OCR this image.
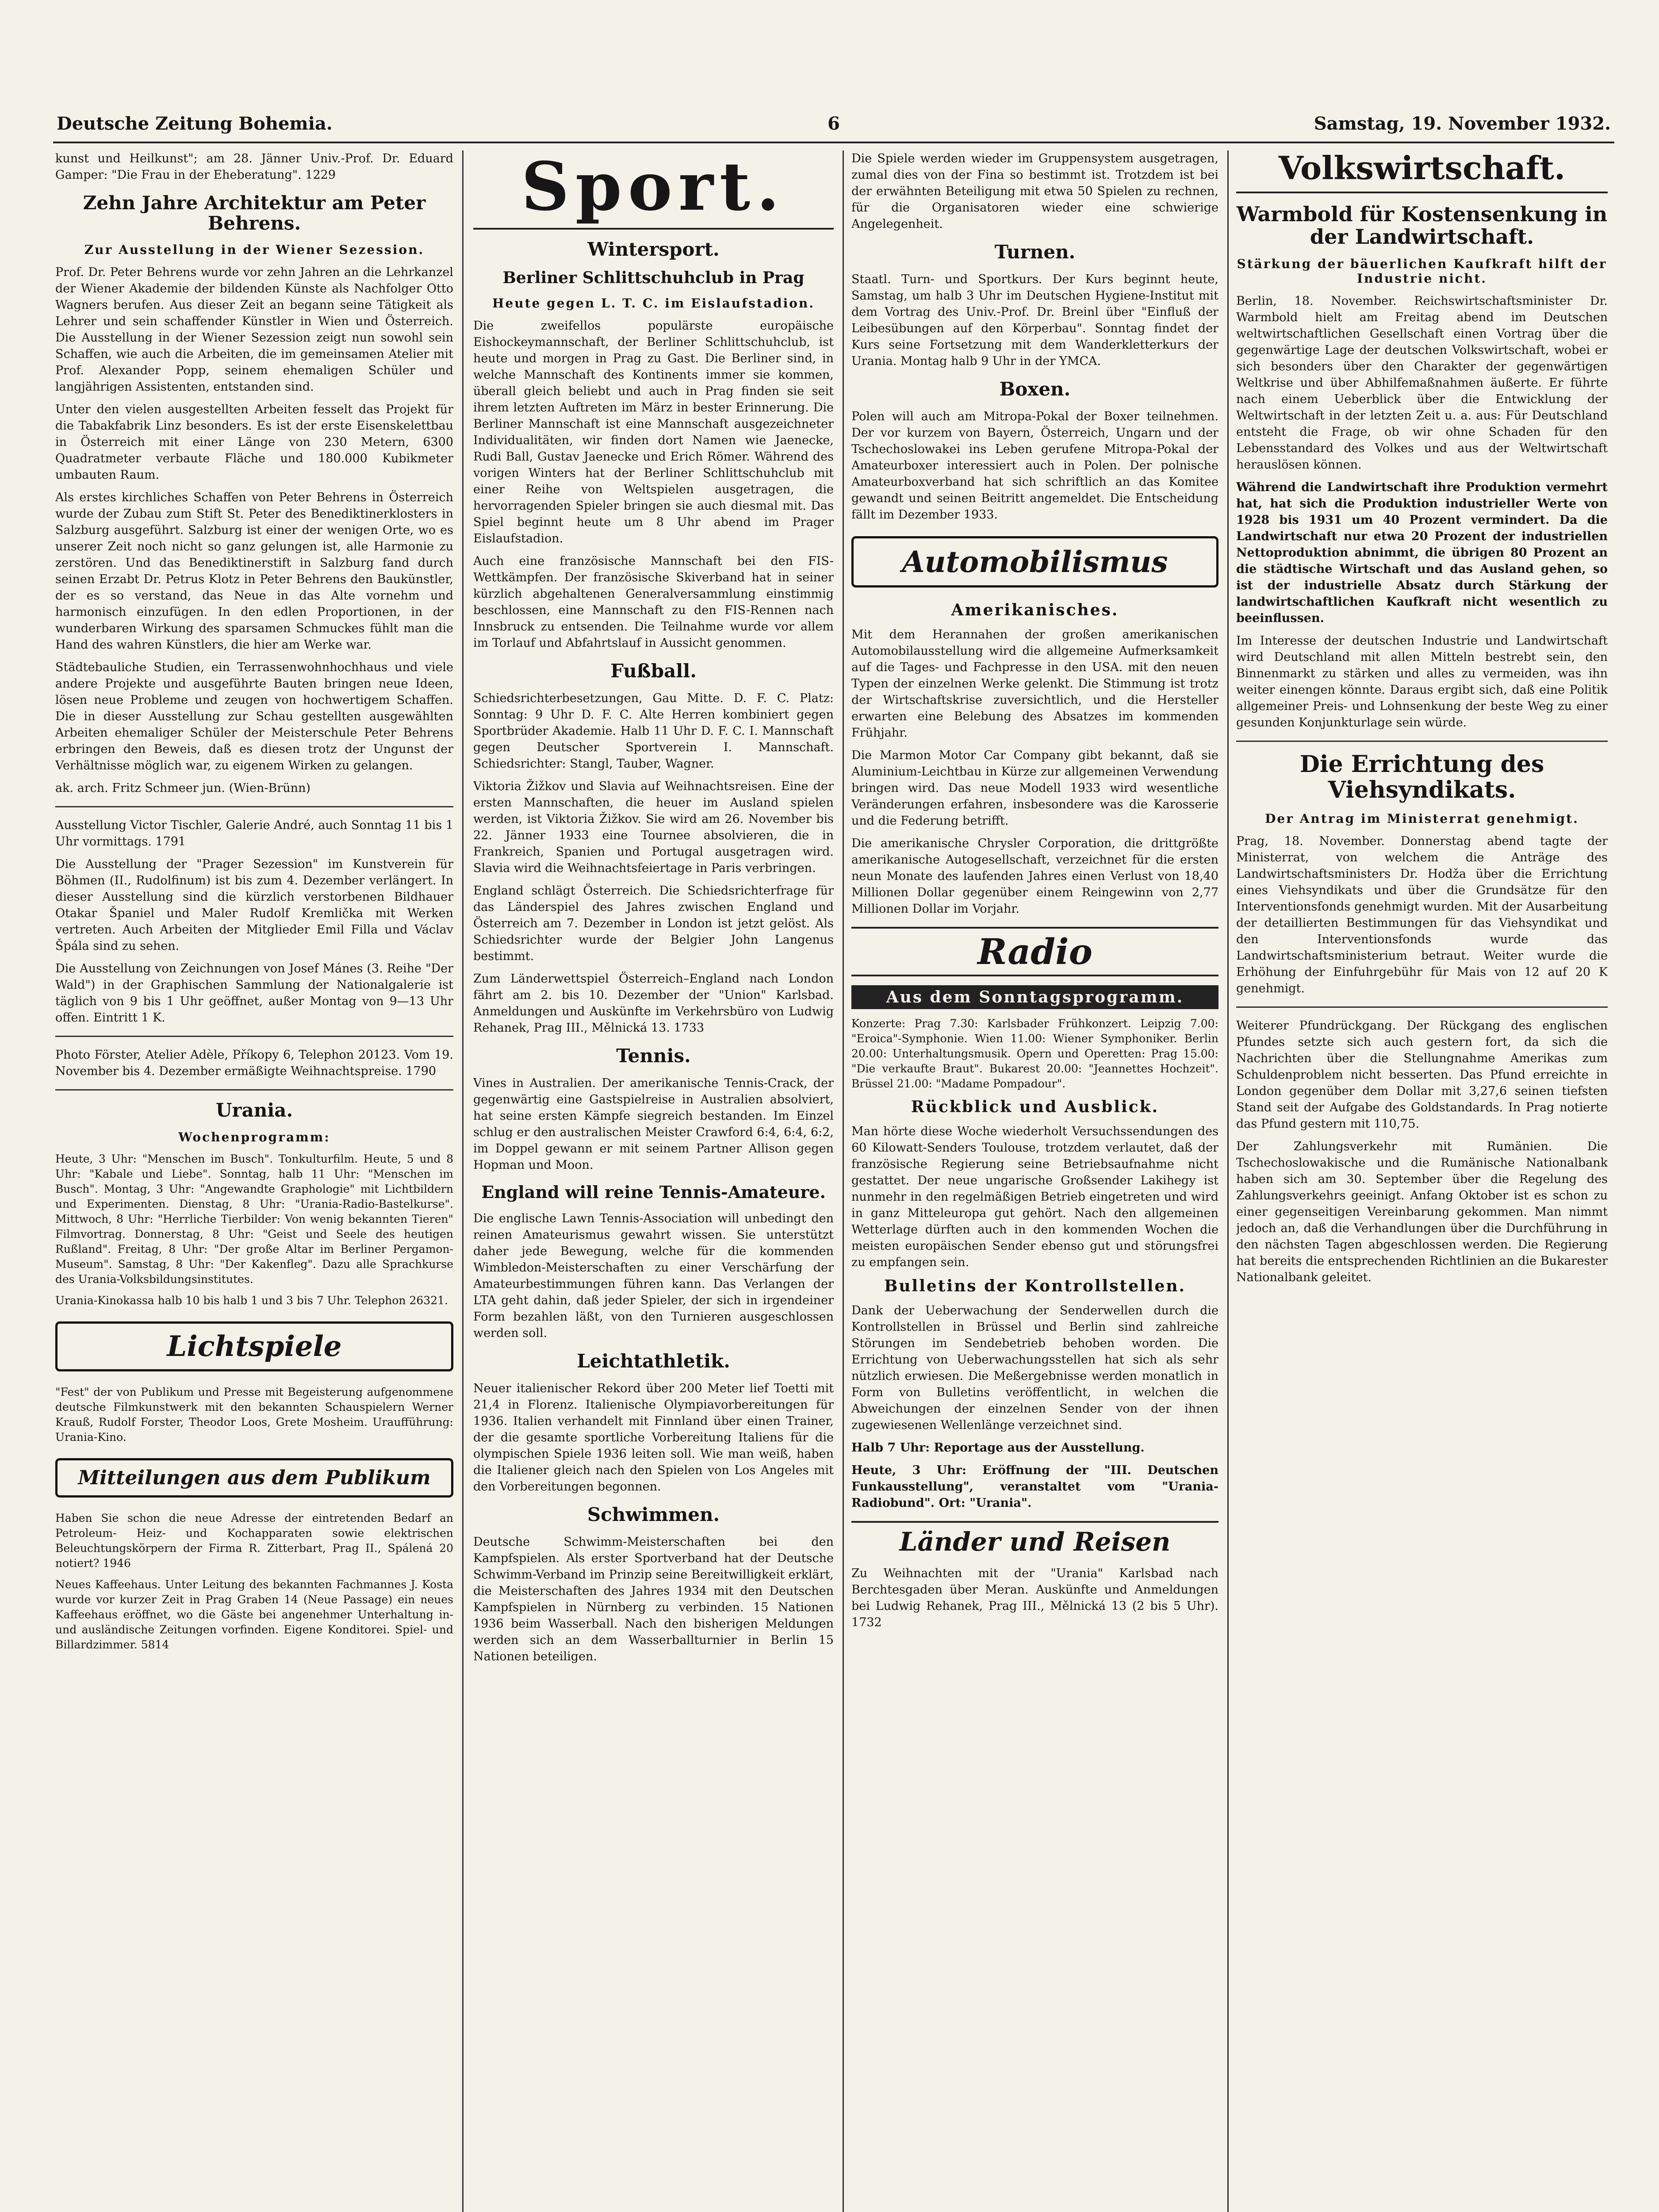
Deutsche Zeitung Bohemia.	6	Samstag, 19. November 1932.

kunst und Heilkunst"; am 28. Jänner Univ.-Prof. Dr. Eduard Gamper: "Die Frau in der Eheberatung". 1229

Zehn Jahre Architektur am Peter Behrens.
Zur Ausstellung in der Wiener Sezession.

Prof. Dr. Peter Behrens wurde vor zehn Jahren an die Lehrkanzel der Wiener Akademie der bildenden Künste als Nachfolger Otto Wagners berufen. Aus dieser Zeit an begann seine Tätigkeit als Lehrer und sein schaffender Künstler in Wien und Österreich. Die Ausstellung in der Wiener Sezession zeigt nun sowohl sein Schaffen, wie auch die Arbeiten, die im gemeinsamen Atelier mit Prof. Alexander Popp, seinem ehemaligen Schüler und langjährigen Assistenten, entstanden sind.

Unter den vielen ausgestellten Arbeiten fesselt das Projekt für die Tabakfabrik Linz besonders. Es ist der erste Eisenskelettbau in Österreich mit einer Länge von 230 Metern, 6300 Quadratmeter verbaute Fläche und 180.000 Kubikmeter umbauten Raum.

Als erstes kirchliches Schaffen von Peter Behrens in Österreich wurde der Zubau zum Stift St. Peter des Benediktinerklosters in Salzburg ausgeführt. Salzburg ist einer der wenigen Orte, wo es unserer Zeit noch nicht so ganz gelungen ist, alle Harmonie zu zerstören. Und das Benediktinerstift in Salzburg fand durch seinen Erzabt Dr. Petrus Klotz in Peter Behrens den Baukünstler, der es so verstand, das Neue in das Alte vornehm und harmonisch einzufügen. In den edlen Proportionen, in der wunderbaren Wirkung des sparsamen Schmuckes fühlt man die Hand des wahren Künstlers, die hier am Werke war.

Städtebauliche Studien, ein Terrassenwohnhochhaus und viele andere Projekte und ausgeführte Bauten bringen neue Ideen, lösen neue Probleme und zeugen von hochwertigem Schaffen. Die in dieser Ausstellung zur Schau gestellten ausgewählten Arbeiten ehemaliger Schüler der Meisterschule Peter Behrens erbringen den Beweis, daß es diesen trotz der Ungunst der Verhältnisse möglich war, zu eigenem Wirken zu gelangen.

ak. arch. Fritz Schmeer jun. (Wien-Brünn)

Ausstellung Victor Tischler, Galerie André, auch Sonntag 11 bis 1 Uhr vormittags. 1791

Die Ausstellung der "Prager Sezession" im Kunstverein für Böhmen (II., Rudolfinum) ist bis zum 4. Dezember verlängert. In dieser Ausstellung sind die kürzlich verstorbenen Bildhauer Otakar Španiel und Maler Rudolf Kremlička mit Werken vertreten. Auch Arbeiten der Mitglieder Emil Filla und Václav Špála sind zu sehen.

Die Ausstellung von Zeichnungen von Josef Mánes (3. Reihe "Der Wald") in der Graphischen Sammlung der Nationalgalerie ist täglich von 9 bis 1 Uhr geöffnet, außer Montag von 9—13 Uhr offen. Eintritt 1 K.

Photo Förster, Atelier Adèle, Příkopy 6, Telephon 20123. Vom 19. November bis 4. Dezember ermäßigte Weihnachtspreise. 1790

Urania.
Wochenprogramm:

Heute, 3 Uhr: "Menschen im Busch". Tonkulturfilm. Heute, 5 und 8 Uhr: "Kabale und Liebe". Sonntag, halb 11 Uhr: "Menschen im Busch". Montag, 3 Uhr: "Angewandte Graphologie" mit Lichtbildern und Experimenten. Dienstag, 8 Uhr: "Urania-Radio-Bastelkurse". Mittwoch, 8 Uhr: "Herrliche Tierbilder: Von wenig bekannten Tieren" Filmvortrag. Donnerstag, 8 Uhr: "Geist und Seele des heutigen Rußland". Freitag, 8 Uhr: "Der große Altar im Berliner Pergamon-Museum". Samstag, 8 Uhr: "Der Kakenfleg". Dazu alle Sprachkurse des Urania-Volksbildungsinstitutes.

Urania-Kinokassa halb 10 bis halb 1 und 3 bis 7 Uhr. Telephon 26321.

Lichtspiele

"Fest" der von Publikum und Presse mit Begeisterung aufgenommene deutsche Filmkunstwerk mit den bekannten Schauspielern Werner Krauß, Rudolf Forster, Theodor Loos, Grete Mosheim. Uraufführung: Urania-Kino.

Mitteilungen aus dem Publikum

Haben Sie schon die neue Adresse der eintretenden Bedarf an Petroleum- Heiz- und Kochapparaten sowie elektrischen Beleuchtungskörpern der Firma R. Zitterbart, Prag II., Spálená 20 notiert? 1946

Neues Kaffeehaus. Unter Leitung des bekannten Fachmannes J. Kosta wurde vor kurzer Zeit in Prag Graben 14 (Neue Passage) ein neues Kaffeehaus eröffnet, wo die Gäste bei angenehmer Unterhaltung in- und ausländische Zeitungen vorfinden. Eigene Konditorei. Spiel- und Billardzimmer. 5814

Sport.
Wintersport.
Berliner Schlittschuhclub in Prag
Heute gegen L. T. C. im Eislaufstadion.

Die zweifellos populärste europäische Eishockeymannschaft, der Berliner Schlittschuhclub, ist heute und morgen in Prag zu Gast. Die Berliner sind, in welche Mannschaft des Kontinents immer sie kommen, überall gleich beliebt und auch in Prag finden sie seit ihrem letzten Auftreten im März in bester Erinnerung. Die Berliner Mannschaft ist eine Mannschaft ausgezeichneter Individualitäten, wir finden dort Namen wie Jaenecke, Rudi Ball, Gustav Jaenecke und Erich Römer. Während des vorigen Winters hat der Berliner Schlittschuhclub mit einer Reihe von Weltspielen ausgetragen, die hervorragenden Spieler bringen sie auch diesmal mit. Das Spiel beginnt heute um 8 Uhr abend im Prager Eislaufstadion.

Auch eine französische Mannschaft bei den FIS-Wettkämpfen. Der französische Skiverband hat in seiner kürzlich abgehaltenen Generalversammlung einstimmig beschlossen, eine Mannschaft zu den FIS-Rennen nach Innsbruck zu entsenden. Die Teilnahme wurde vor allem im Torlauf und Abfahrtslauf in Aussicht genommen.

Fußball.

Schiedsrichterbesetzungen, Gau Mitte. D. F. C. Platz: Sonntag: 9 Uhr D. F. C. Alte Herren kombiniert gegen Sportbrüder Akademie. Halb 11 Uhr D. F. C. I. Mannschaft gegen Deutscher Sportverein I. Mannschaft. Schiedsrichter: Stangl, Tauber, Wagner.

Viktoria Žižkov und Slavia auf Weihnachtsreisen. Eine der ersten Mannschaften, die heuer im Ausland spielen werden, ist Viktoria Žižkov. Sie wird am 26. November bis 22. Jänner 1933 eine Tournee absolvieren, die in Frankreich, Spanien und Portugal ausgetragen wird. Slavia wird die Weihnachtsfeiertage in Paris verbringen.

England schlägt Österreich. Die Schiedsrichterfrage für das Länderspiel des Jahres zwischen England und Österreich am 7. Dezember in London ist jetzt gelöst. Als Schiedsrichter wurde der Belgier John Langenus bestimmt.

Zum Länderwettspiel Österreich–England nach London fährt am 2. bis 10. Dezember der "Union" Karlsbad. Anmeldungen und Auskünfte im Verkehrsbüro von Ludwig Rehanek, Prag III., Mělnická 13. 1733

Tennis.

Vines in Australien. Der amerikanische Tennis-Crack, der gegenwärtig eine Gastspielreise in Australien absolviert, hat seine ersten Kämpfe siegreich bestanden. Im Einzel schlug er den australischen Meister Crawford 6:4, 6:4, 6:2, im Doppel gewann er mit seinem Partner Allison gegen Hopman und Moon.

England will reine Tennis-Amateure.

Die englische Lawn Tennis-Association will unbedingt den reinen Amateurismus gewahrt wissen. Sie unterstützt daher jede Bewegung, welche für die kommenden Wimbledon-Meisterschaften zu einer Verschärfung der Amateurbestimmungen führen kann. Das Verlangen der LTA geht dahin, daß jeder Spieler, der sich in irgendeiner Form bezahlen läßt, von den Turnieren ausgeschlossen werden soll.

Leichtathletik.

Neuer italienischer Rekord über 200 Meter lief Toetti mit 21,4 in Florenz. Italienische Olympiavorbereitungen für 1936. Italien verhandelt mit Finnland über einen Trainer, der die gesamte sportliche Vorbereitung Italiens für die olympischen Spiele 1936 leiten soll. Wie man weiß, haben die Italiener gleich nach den Spielen von Los Angeles mit den Vorbereitungen begonnen.

Schwimmen.

Deutsche Schwimm-Meisterschaften bei den Kampfspielen. Als erster Sportverband hat der Deutsche Schwimm-Verband im Prinzip seine Bereitwilligkeit erklärt, die Meisterschaften des Jahres 1934 mit den Deutschen Kampfspielen in Nürnberg zu verbinden. 15 Nationen 1936 beim Wasserball. Nach den bisherigen Meldungen werden sich an dem Wasserballturnier in Berlin 15 Nationen beteiligen.

Die Spiele werden wieder im Gruppensystem ausgetragen, zumal dies von der Fina so bestimmt ist. Trotzdem ist bei der erwähnten Beteiligung mit etwa 50 Spielen zu rechnen, für die Organisatoren wieder eine schwierige Angelegenheit.

Turnen.

Staatl. Turn- und Sportkurs. Der Kurs beginnt heute, Samstag, um halb 3 Uhr im Deutschen Hygiene-Institut mit dem Vortrag des Univ.-Prof. Dr. Breinl über "Einfluß der Leibesübungen auf den Körperbau". Sonntag findet der Kurs seine Fortsetzung mit dem Wanderkletterkurs der Urania. Montag halb 9 Uhr in der YMCA.

Boxen.

Polen will auch am Mitropa-Pokal der Boxer teilnehmen. Der vor kurzem von Bayern, Österreich, Ungarn und der Tschechoslowakei ins Leben gerufene Mitropa-Pokal der Amateurboxer interessiert auch in Polen. Der polnische Amateurboxverband hat sich schriftlich an das Komitee gewandt und seinen Beitritt angemeldet. Die Entscheidung fällt im Dezember 1933.

Automobilismus
Amerikanisches.

Mit dem Herannahen der großen amerikanischen Automobilausstellung wird die allgemeine Aufmerksamkeit auf die Tages- und Fachpresse in den USA. mit den neuen Typen der einzelnen Werke gelenkt. Die Stimmung ist trotz der Wirtschaftskrise zuversichtlich, und die Hersteller erwarten eine Belebung des Absatzes im kommenden Frühjahr.

Die Marmon Motor Car Company gibt bekannt, daß sie Aluminium-Leichtbau in Kürze zur allgemeinen Verwendung bringen wird. Das neue Modell 1933 wird wesentliche Veränderungen erfahren, insbesondere was die Karosserie und die Federung betrifft.

Die amerikanische Chrysler Corporation, die drittgrößte amerikanische Autogesellschaft, verzeichnet für die ersten neun Monate des laufenden Jahres einen Verlust von 18,40 Millionen Dollar gegenüber einem Reingewinn von 2,77 Millionen Dollar im Vorjahr.

Radio
Aus dem Sonntagsprogramm.

Konzerte: Prag 7.30: Karlsbader Frühkonzert. Leipzig 7.00: "Eroica"-Symphonie. Wien 11.00: Wiener Symphoniker. Berlin 20.00: Unterhaltungsmusik. Opern und Operetten: Prag 15.00: "Die verkaufte Braut". Bukarest 20.00: "Jeannettes Hochzeit". Brüssel 21.00: "Madame Pompadour".

Rückblick und Ausblick.

Man hörte diese Woche wiederholt Versuchssendungen des 60 Kilowatt-Senders Toulouse, trotzdem verlautet, daß der französische Regierung seine Betriebsaufnahme nicht gestattet. Der neue ungarische Großsender Lakihegy ist nunmehr in den regelmäßigen Betrieb eingetreten und wird in ganz Mitteleuropa gut gehört. Nach den allgemeinen Wetterlage dürften auch in den kommenden Wochen die meisten europäischen Sender ebenso gut und störungsfrei zu empfangen sein.

Bulletins der Kontrollstellen.

Dank der Ueberwachung der Senderwellen durch die Kontrollstellen in Brüssel und Berlin sind zahlreiche Störungen im Sendebetrieb behoben worden. Die Errichtung von Ueberwachungsstellen hat sich als sehr nützlich erwiesen. Die Meßergebnisse werden monatlich in Form von Bulletins veröffentlicht, in welchen die Abweichungen der einzelnen Sender von der ihnen zugewiesenen Wellenlänge verzeichnet sind.

Halb 7 Uhr: Reportage aus der Ausstellung.

Heute, 3 Uhr: Eröffnung der "III. Deutschen Funkausstellung", veranstaltet vom "Urania-Radiobund". Ort: "Urania".

Länder und Reisen

Zu Weihnachten mit der "Urania" Karlsbad nach Berchtesgaden über Meran. Auskünfte und Anmeldungen bei Ludwig Rehanek, Prag III., Mělnická 13 (2 bis 5 Uhr). 1732

Volkswirtschaft.
Warmbold für Kostensenkung in der Landwirtschaft.
Stärkung der bäuerlichen Kaufkraft hilft der Industrie nicht.

Berlin, 18. November. Reichswirtschaftsminister Dr. Warmbold hielt am Freitag abend im Deutschen weltwirtschaftlichen Gesellschaft einen Vortrag über die gegenwärtige Lage der deutschen Volkswirtschaft, wobei er sich besonders über den Charakter der gegenwärtigen Weltkrise und über Abhilfemaßnahmen äußerte. Er führte nach einem Ueberblick über die Entwicklung der Weltwirtschaft in der letzten Zeit u. a. aus: Für Deutschland entsteht die Frage, ob wir ohne Schaden für den Lebensstandard des Volkes und aus der Weltwirtschaft herauslösen können.

Während die Landwirtschaft ihre Produktion vermehrt hat, hat sich die Produktion industrieller Werte von 1928 bis 1931 um 40 Prozent vermindert. Da die Landwirtschaft nur etwa 20 Prozent der industriellen Nettoproduktion abnimmt, die übrigen 80 Prozent an die städtische Wirtschaft und das Ausland gehen, so ist der industrielle Absatz durch Stärkung der landwirtschaftlichen Kaufkraft nicht wesentlich zu beeinflussen.

Im Interesse der deutschen Industrie und Landwirtschaft wird Deutschland mit allen Mitteln bestrebt sein, den Binnenmarkt zu stärken und alles zu vermeiden, was ihn weiter einengen könnte. Daraus ergibt sich, daß eine Politik allgemeiner Preis- und Lohnsenkung der beste Weg zu einer gesunden Konjunkturlage sein würde.

Die Errichtung des Viehsyndikats.
Der Antrag im Ministerrat genehmigt.

Prag, 18. November. Donnerstag abend tagte der Ministerrat, von welchem die Anträge des Landwirtschaftsministers Dr. Hodža über die Errichtung eines Viehsyndikats und über die Grundsätze für den Interventionsfonds genehmigt wurden. Mit der Ausarbeitung der detaillierten Bestimmungen für das Viehsyndikat und den Interventionsfonds wurde das Landwirtschaftsministerium betraut. Weiter wurde die Erhöhung der Einfuhrgebühr für Mais von 12 auf 20 K genehmigt.

Weiterer Pfundrückgang. Der Rückgang des englischen Pfundes setzte sich auch gestern fort, da sich die Nachrichten über die Stellungnahme Amerikas zum Schuldenproblem nicht besserten. Das Pfund erreichte in London gegenüber dem Dollar mit 3,27,6 seinen tiefsten Stand seit der Aufgabe des Goldstandards. In Prag notierte das Pfund gestern mit 110,75.

Der Zahlungsverkehr mit Rumänien. Die Tschechoslowakische und die Rumänische Nationalbank haben sich am 30. September über die Regelung des Zahlungsverkehrs geeinigt. Anfang Oktober ist es schon zu einer gegenseitigen Vereinbarung gekommen. Man nimmt jedoch an, daß die Verhandlungen über die Durchführung in den nächsten Tagen abgeschlossen werden. Die Regierung hat bereits die entsprechenden Richtlinien an die Bukarester Nationalbank geleitet.
